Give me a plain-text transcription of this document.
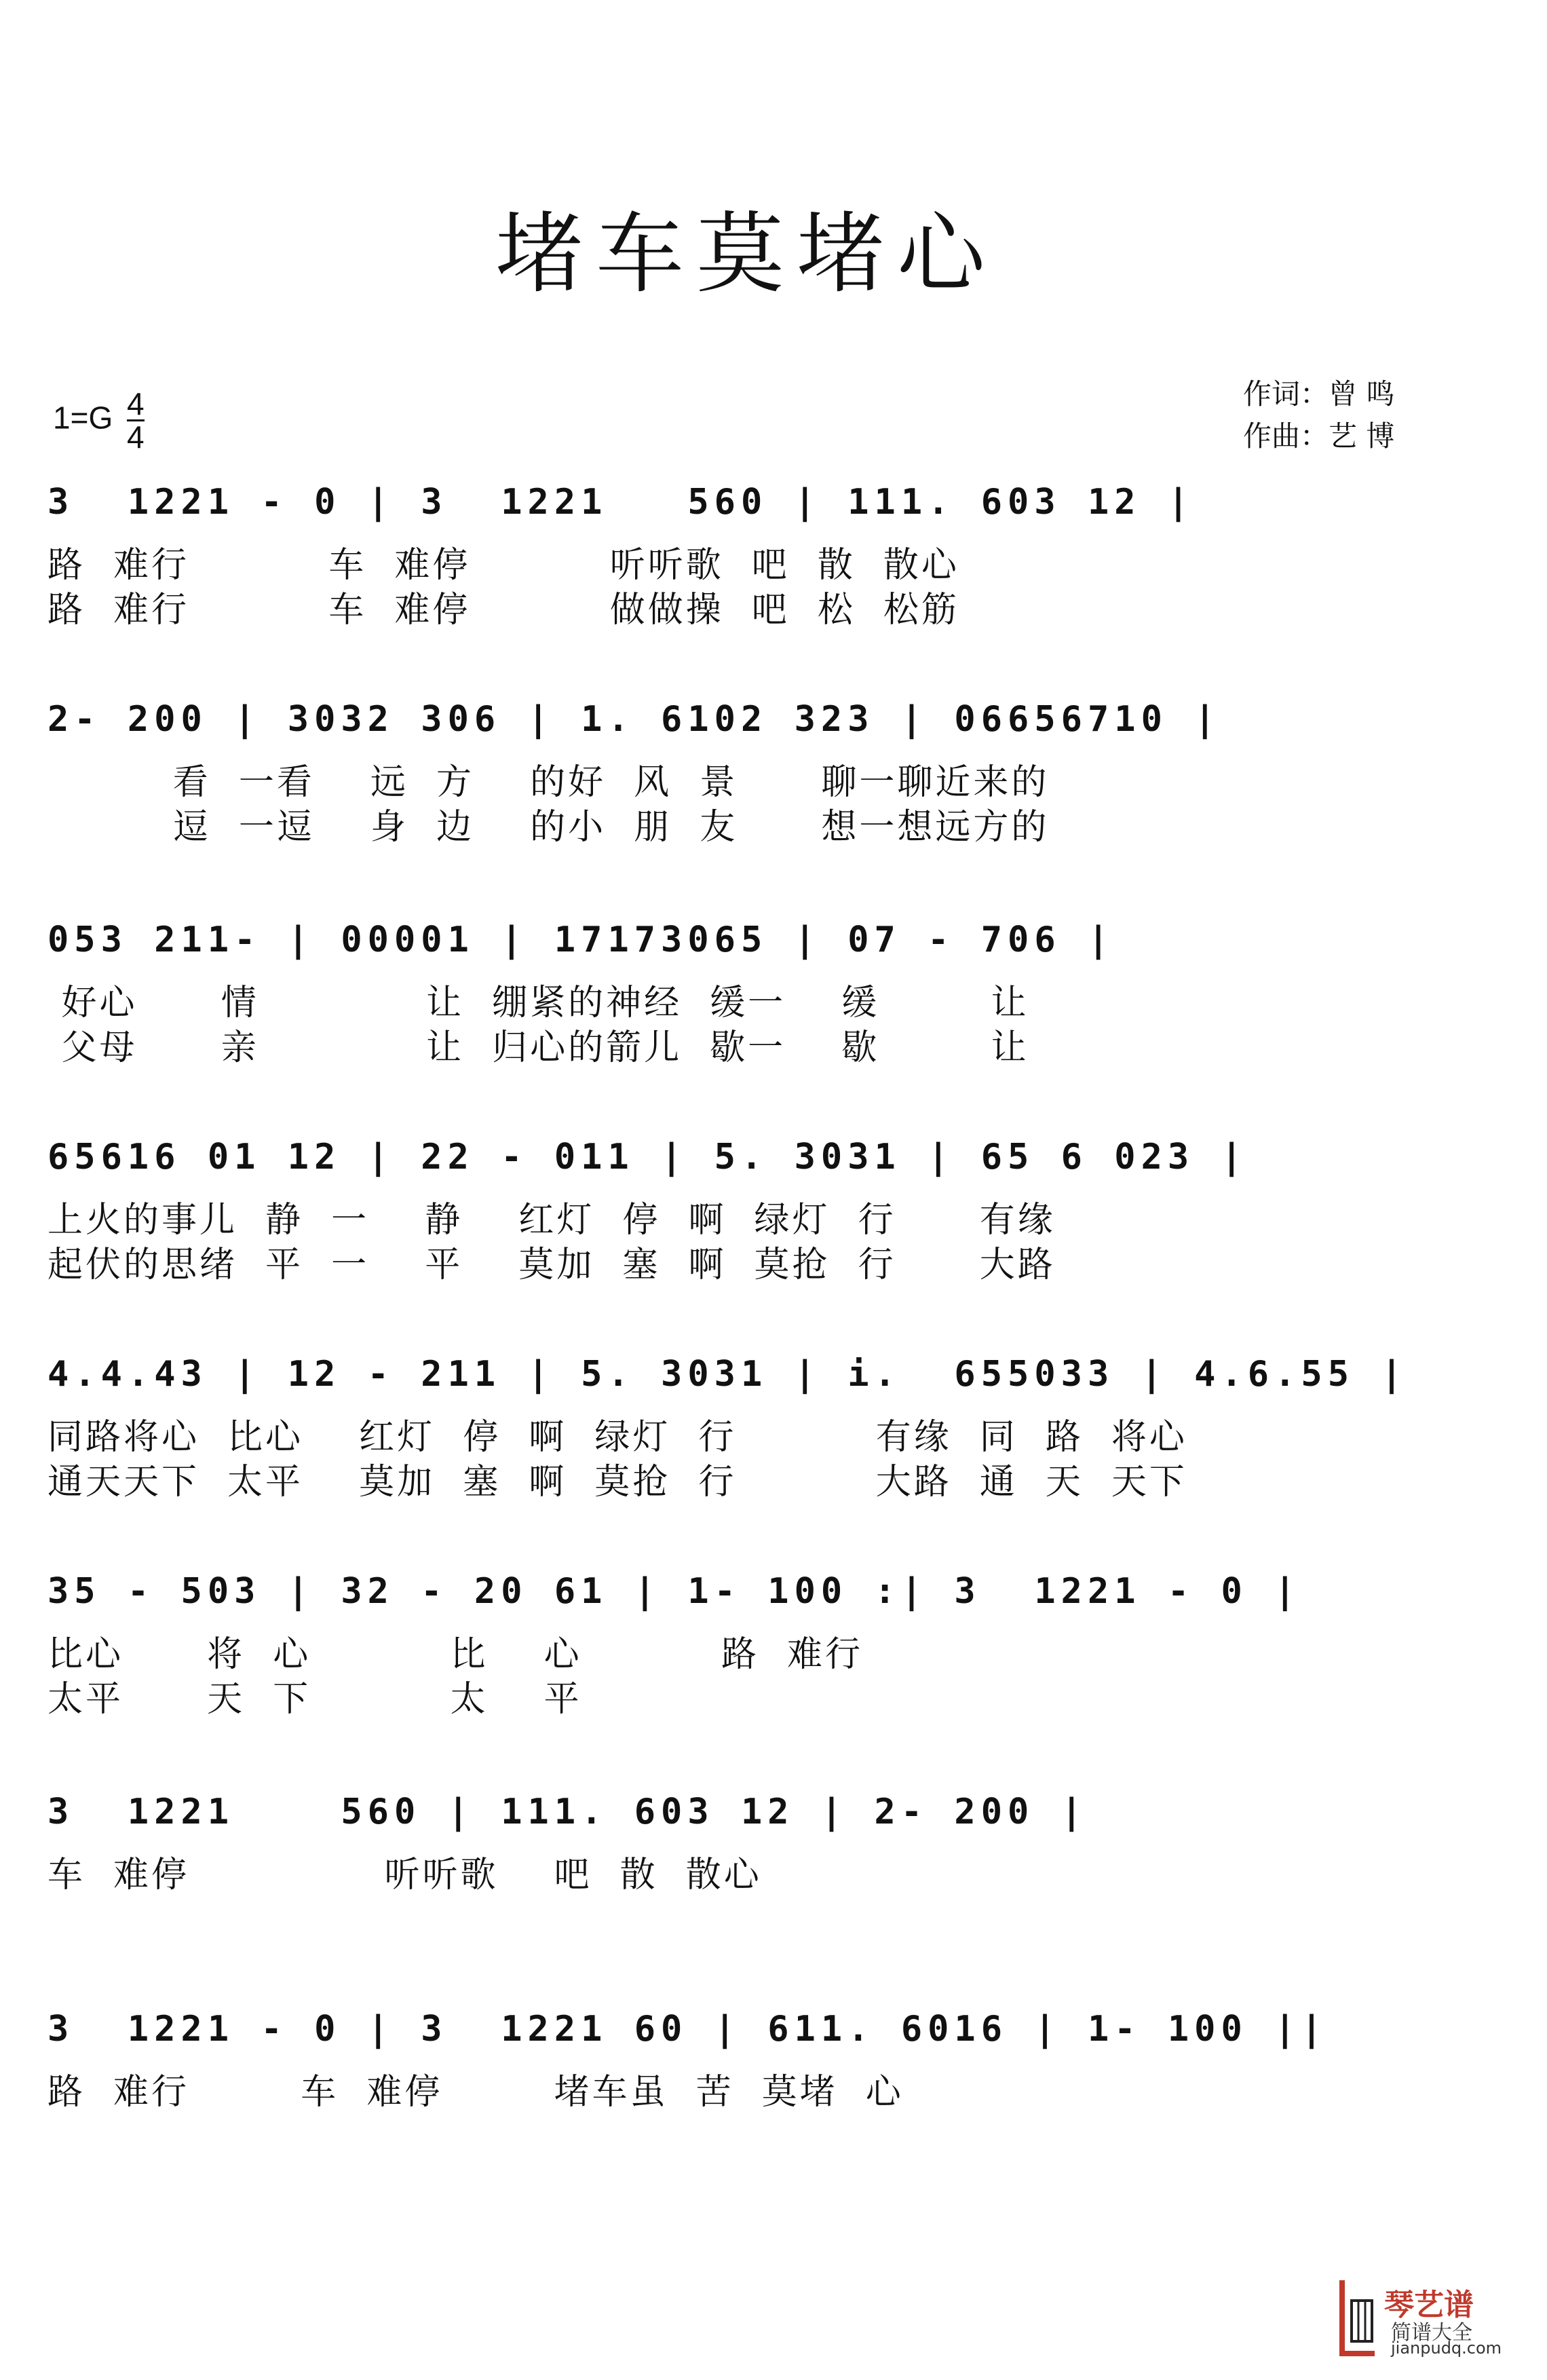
堵车莫堵心
$1=G \frac{4}{4}$	作词：曾 鸣
作曲：艺 博
3  1221 - 0 | 3  1221   560 | 111. 603 12 |
路  难行          车  难停          听听歌  吧  散  散心
路  难行          车  难停          做做操  吧  松  松筋
2- 200 | 3032 306 | 1. 6102 323 | 06656710 |
看  一看    远  方    的好  风  景      聊一聊近来的
逗  一逗    身  边    的小  朋  友      想一想远方的
053 211- | 00001 | 17173065 | 07 - 706 |
好心      情            让  绷紧的神经  缓一    缓        让
父母      亲            让  归心的箭儿  歇一    歇        让
65616 01 12 | 22 - 011 | 5. 3031 | 65 6 023 |
上火的事儿  静  一    静    红灯  停  啊  绿灯  行      有缘
起伏的思绪  平  一    平    莫加  塞  啊  莫抢  行      大路
4.4.43 | 12 - 211 | 5. 3031 | i.  655033 | 4.6.55 |
同路将心  比心    红灯  停  啊  绿灯  行          有缘  同  路  将心
通天天下  太平    莫加  塞  啊  莫抢  行          大路  通  天  天下
35 - 503 | 32 - 20 61 | 1- 100 :| 3  1221 - 0 |
比心      将  心          比    心          路  难行
太平      天  下          太    平
3  1221    560 | 111. 603 12 | 2- 200 |
车  难停              听听歌    吧  散  散心
3  1221 - 0 | 3  1221 60 | 611. 6016 | 1- 100 ||
路  难行        车  难停        堵车虽  苦  莫堵  心
琴艺谱
简谱大全
jianpudq.com
